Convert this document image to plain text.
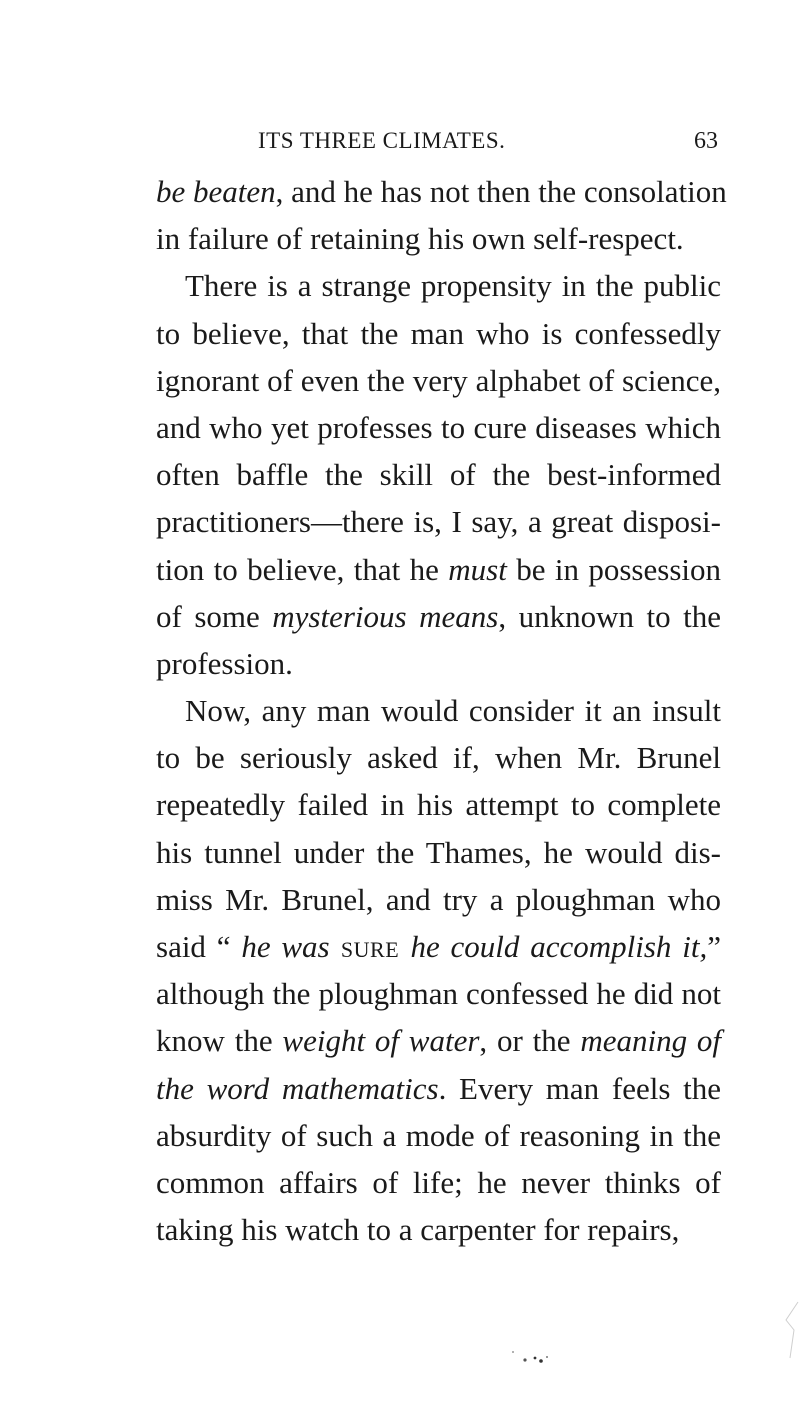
ITS THREE CLIMATES.	63
be beaten, and he has not then the consolation
in failure of retaining his own self-respect.
There is a strange propensity in the public
to believe, that the man who is confessedly
ignorant of even the very alphabet of science,
and who yet professes to cure diseases which
often baffle the skill of the best-informed
practitioners—there is, I say, a great disposi-
tion to believe, that he must be in possession
of some mysterious means, unknown to the
profession.
Now, any man would consider it an insult
to be seriously asked if, when Mr. Brunel
repeatedly failed in his attempt to complete
his tunnel under the Thames, he would dis-
miss Mr. Brunel, and try a ploughman who
said “ he was sure he could accomplish it,”
although the ploughman confessed he did not
know the weight of water, or the meaning of
the word mathematics. Every man feels the
absurdity of such a mode of reasoning in the
common affairs of life; he never thinks of
taking his watch to a carpenter for repairs,
